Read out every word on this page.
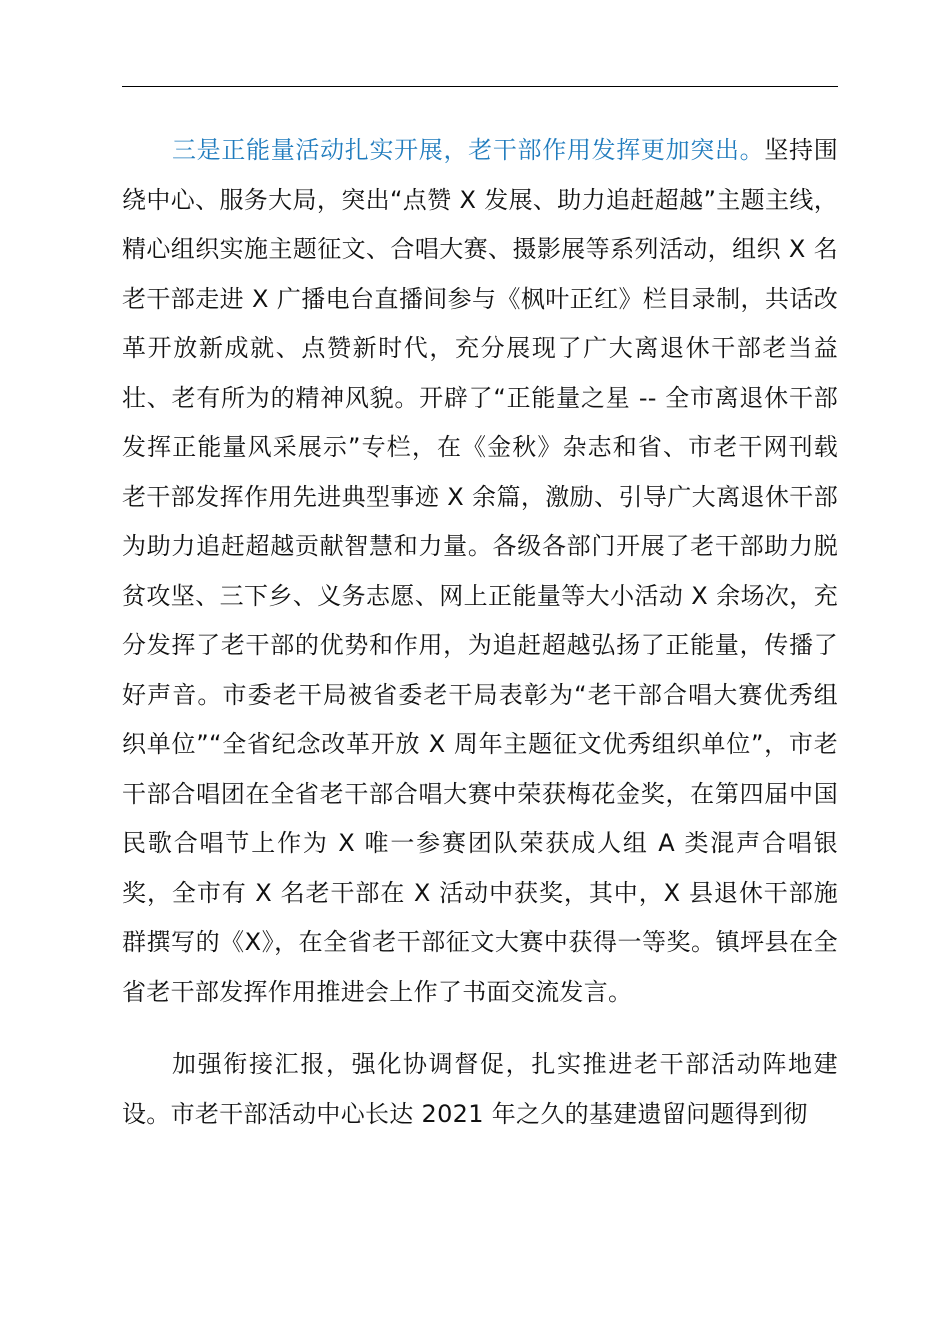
三是正能量活动扎实开展，老干部作用发挥更加突出。坚持围绕中心、服务大局，突出“点赞 X 发展、助力追赶超越”主题主线，精心组织实施主题征文、合唱大赛、摄影展等系列活动，组织 X 名老干部走进 X 广播电台直播间参与《枫叶正红》栏目录制，共话改革开放新成就、点赞新时代，充分展现了广大离退休干部老当益壮、老有所为的精神风貌。开辟了“正能量之星 -- 全市离退休干部发挥正能量风采展示”专栏，在《金秋》杂志和省、市老干网刊载老干部发挥作用先进典型事迹 X 余篇，激励、引导广大离退休干部为助力追赶超越贡献智慧和力量。各级各部门开展了老干部助力脱贫攻坚、三下乡、义务志愿、网上正能量等大小活动 X 余场次，充分发挥了老干部的优势和作用，为追赶超越弘扬了正能量，传播了好声音。市委老干局被省委老干局表彰为“老干部合唱大赛优秀组织单位”“全省纪念改革开放 X 周年主题征文优秀组织单位”，市老干部合唱团在全省老干部合唱大赛中荣获梅花金奖，在第四届中国民歌合唱节上作为 X 唯一参赛团队荣获成人组 A 类混声合唱银奖，全市有 X 名老干部在 X 活动中获奖，其中，X 县退休干部施群撰写的《X》，在全省老干部征文大赛中获得一等奖。镇坪县在全省老干部发挥作用推进会上作了书面交流发言。

加强衔接汇报，强化协调督促，扎实推进老干部活动阵地建设。市老干部活动中心长达 2021 年之久的基建遗留问题得到彻
